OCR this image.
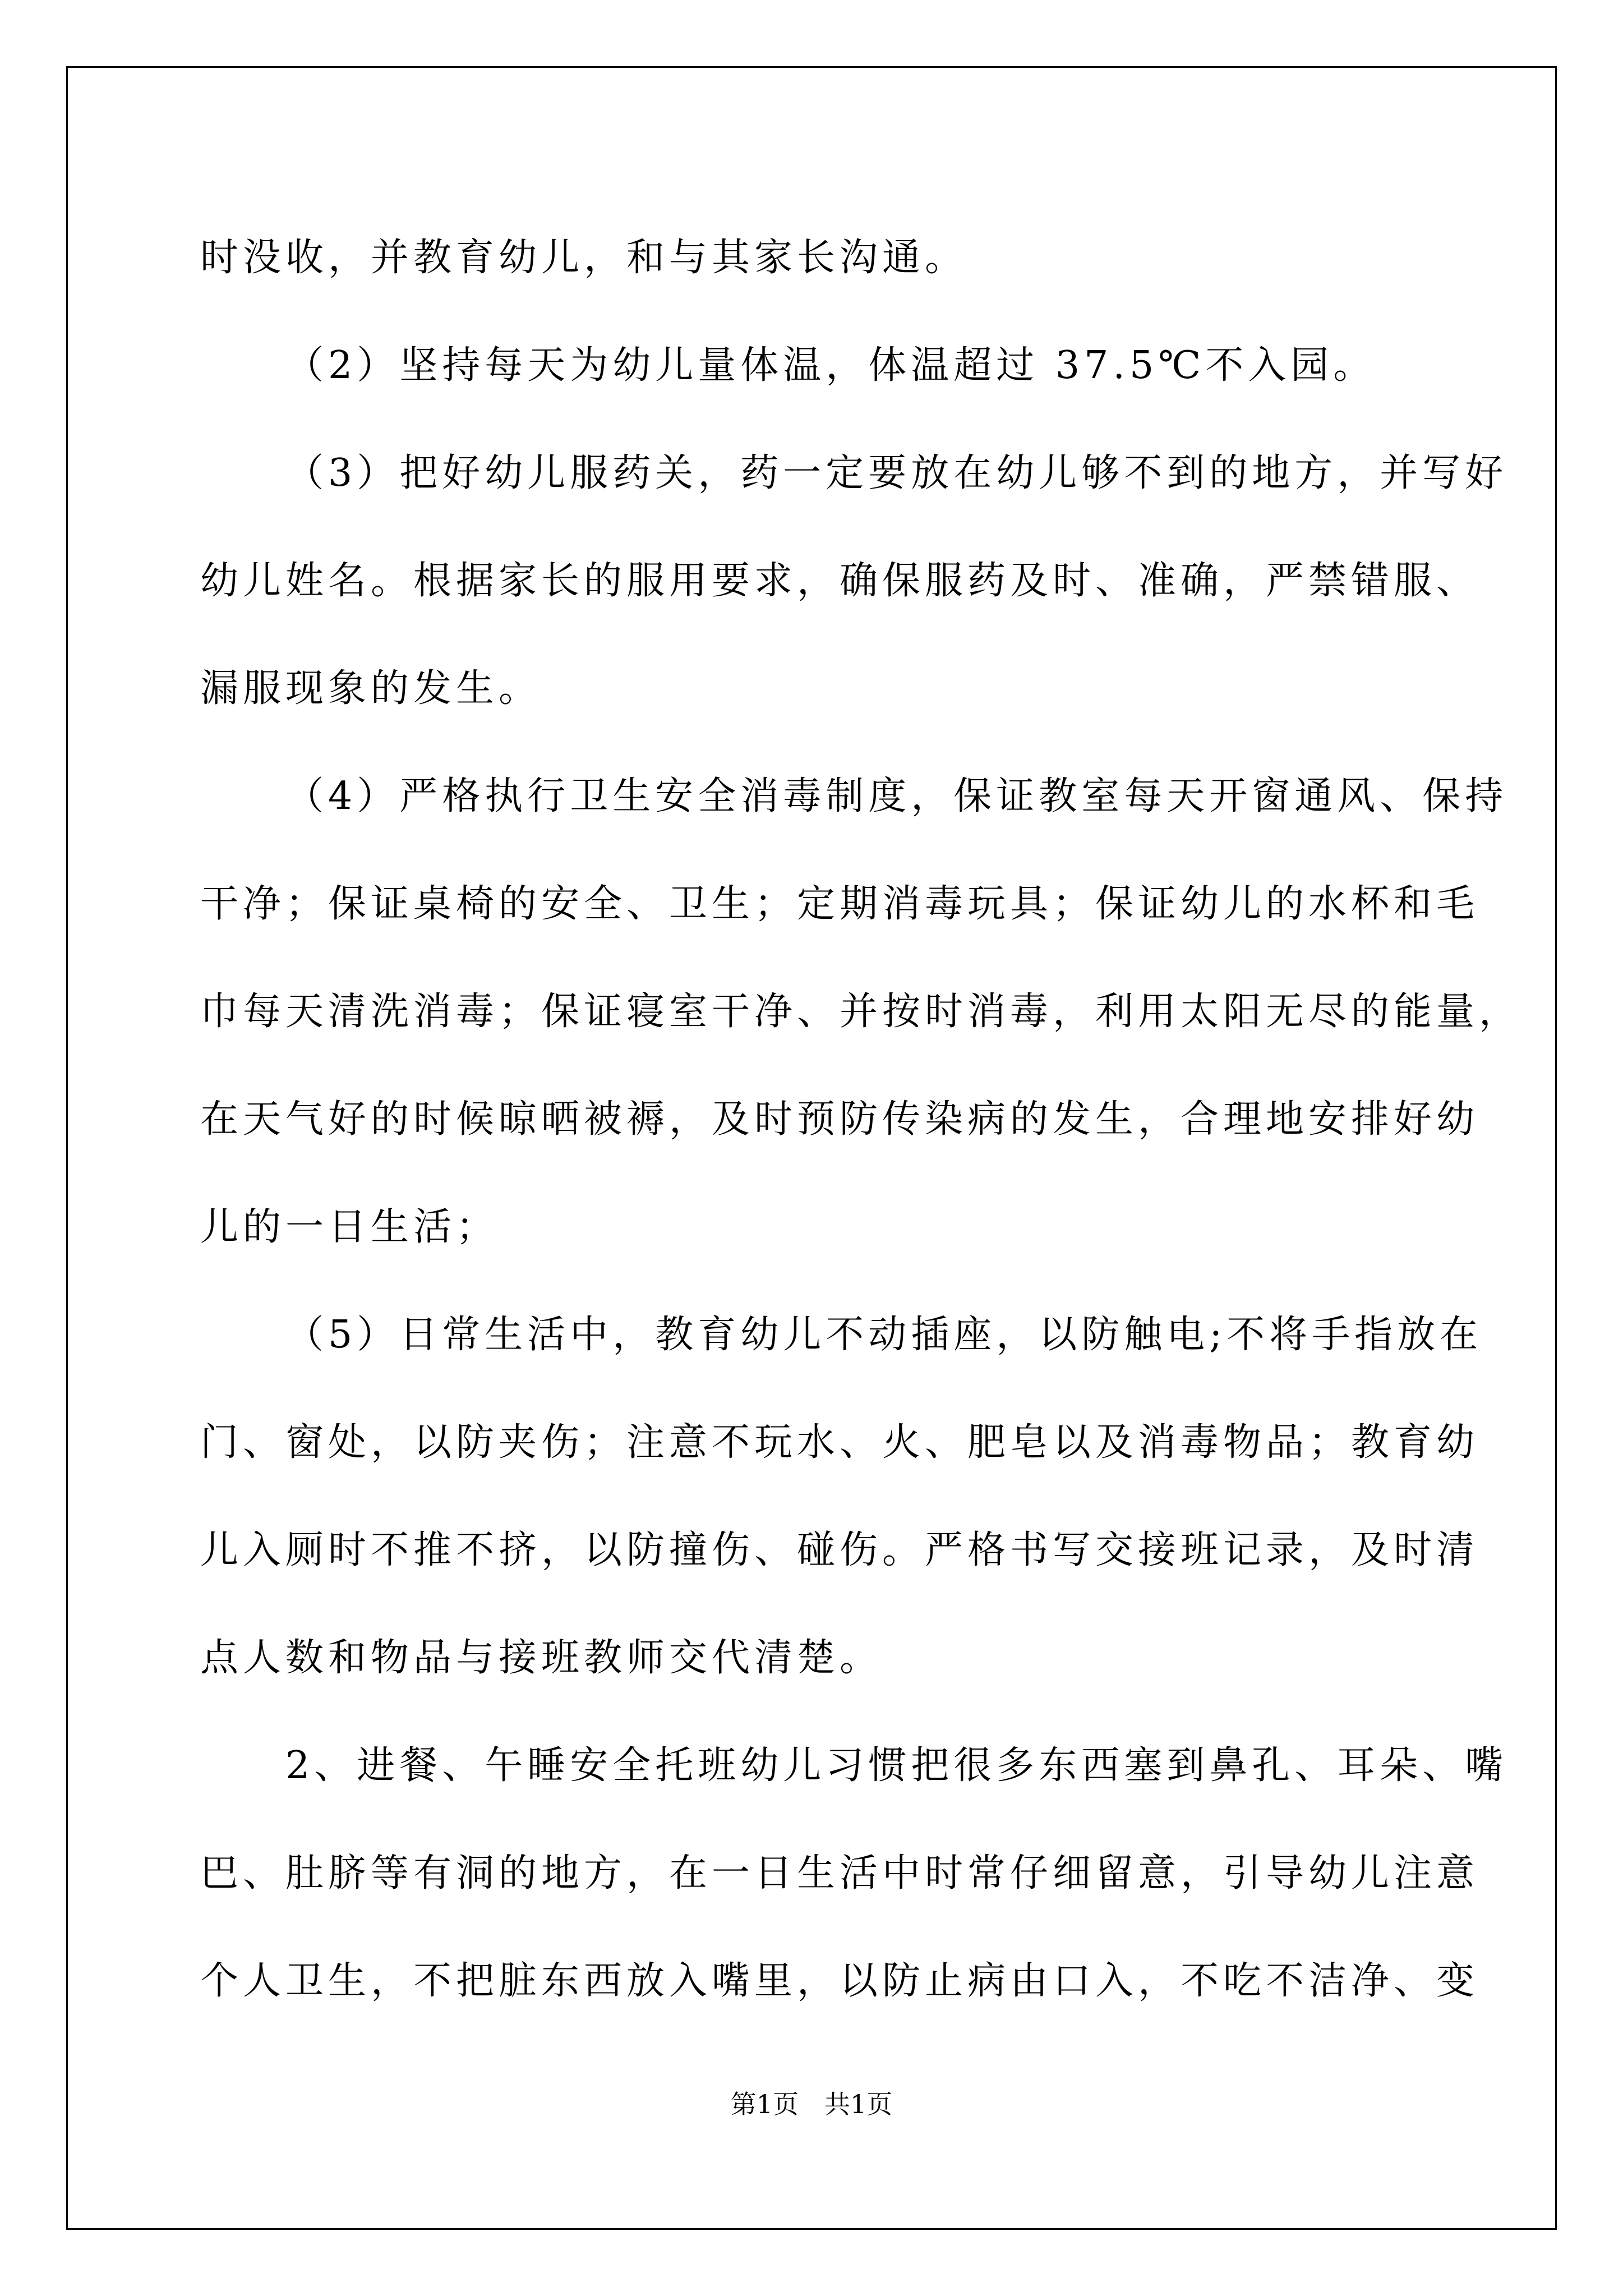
时没收，并教育幼儿，和与其家长沟通。
（2）坚持每天为幼儿量体温，体温超过 37.5℃不入园。
（3）把好幼儿服药关，药一定要放在幼儿够不到的地方，并写好
幼儿姓名。根据家长的服用要求，确保服药及时、准确，严禁错服、
漏服现象的发生。
（4）严格执行卫生安全消毒制度，保证教室每天开窗通风、保持
干净；保证桌椅的安全、卫生；定期消毒玩具；保证幼儿的水杯和毛
巾每天清洗消毒；保证寝室干净、并按时消毒，利用太阳无尽的能量，
在天气好的时候晾晒被褥，及时预防传染病的发生，合理地安排好幼
儿的一日生活；
（5）日常生活中，教育幼儿不动插座，以防触电;不将手指放在
门、窗处，以防夹伤；注意不玩水、火、肥皂以及消毒物品；教育幼
儿入厕时不推不挤，以防撞伤、碰伤。严格书写交接班记录，及时清
点人数和物品与接班教师交代清楚。
2、进餐、午睡安全托班幼儿习惯把很多东西塞到鼻孔、耳朵、嘴
巴、肚脐等有洞的地方，在一日生活中时常仔细留意，引导幼儿注意
个人卫生，不把脏东西放入嘴里，以防止病由口入，不吃不洁净、变
第1页　共1页
